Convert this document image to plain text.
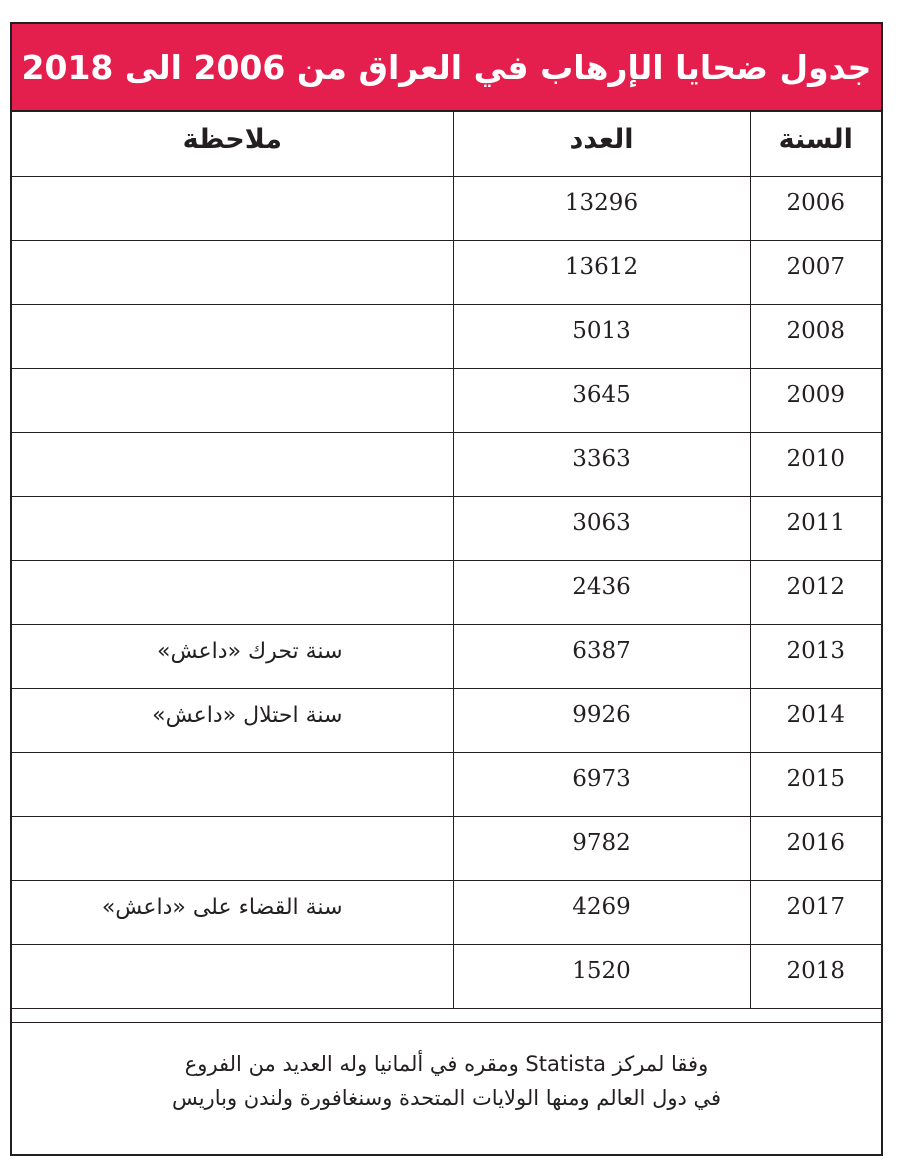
جدول ضحايا الإرهاب في العراق من 2006 الى 2018
السنة	العدد	ملاحظة
2006	13296	
2007	13612	
2008	5013	
2009	3645	
2010	3363	
2011	3063	
2012	2436	
2013	6387	سنة تحرك «داعش»
2014	9926	سنة احتلال «داعش»
2015	6973	
2016	9782	
2017	4269	سنة القضاء على «داعش»
2018	1520	
وفقا لمركز Statista ومقره في ألمانيا وله العديد من الفروع
في دول العالم ومنها الولايات المتحدة وسنغافورة ولندن وباريس
